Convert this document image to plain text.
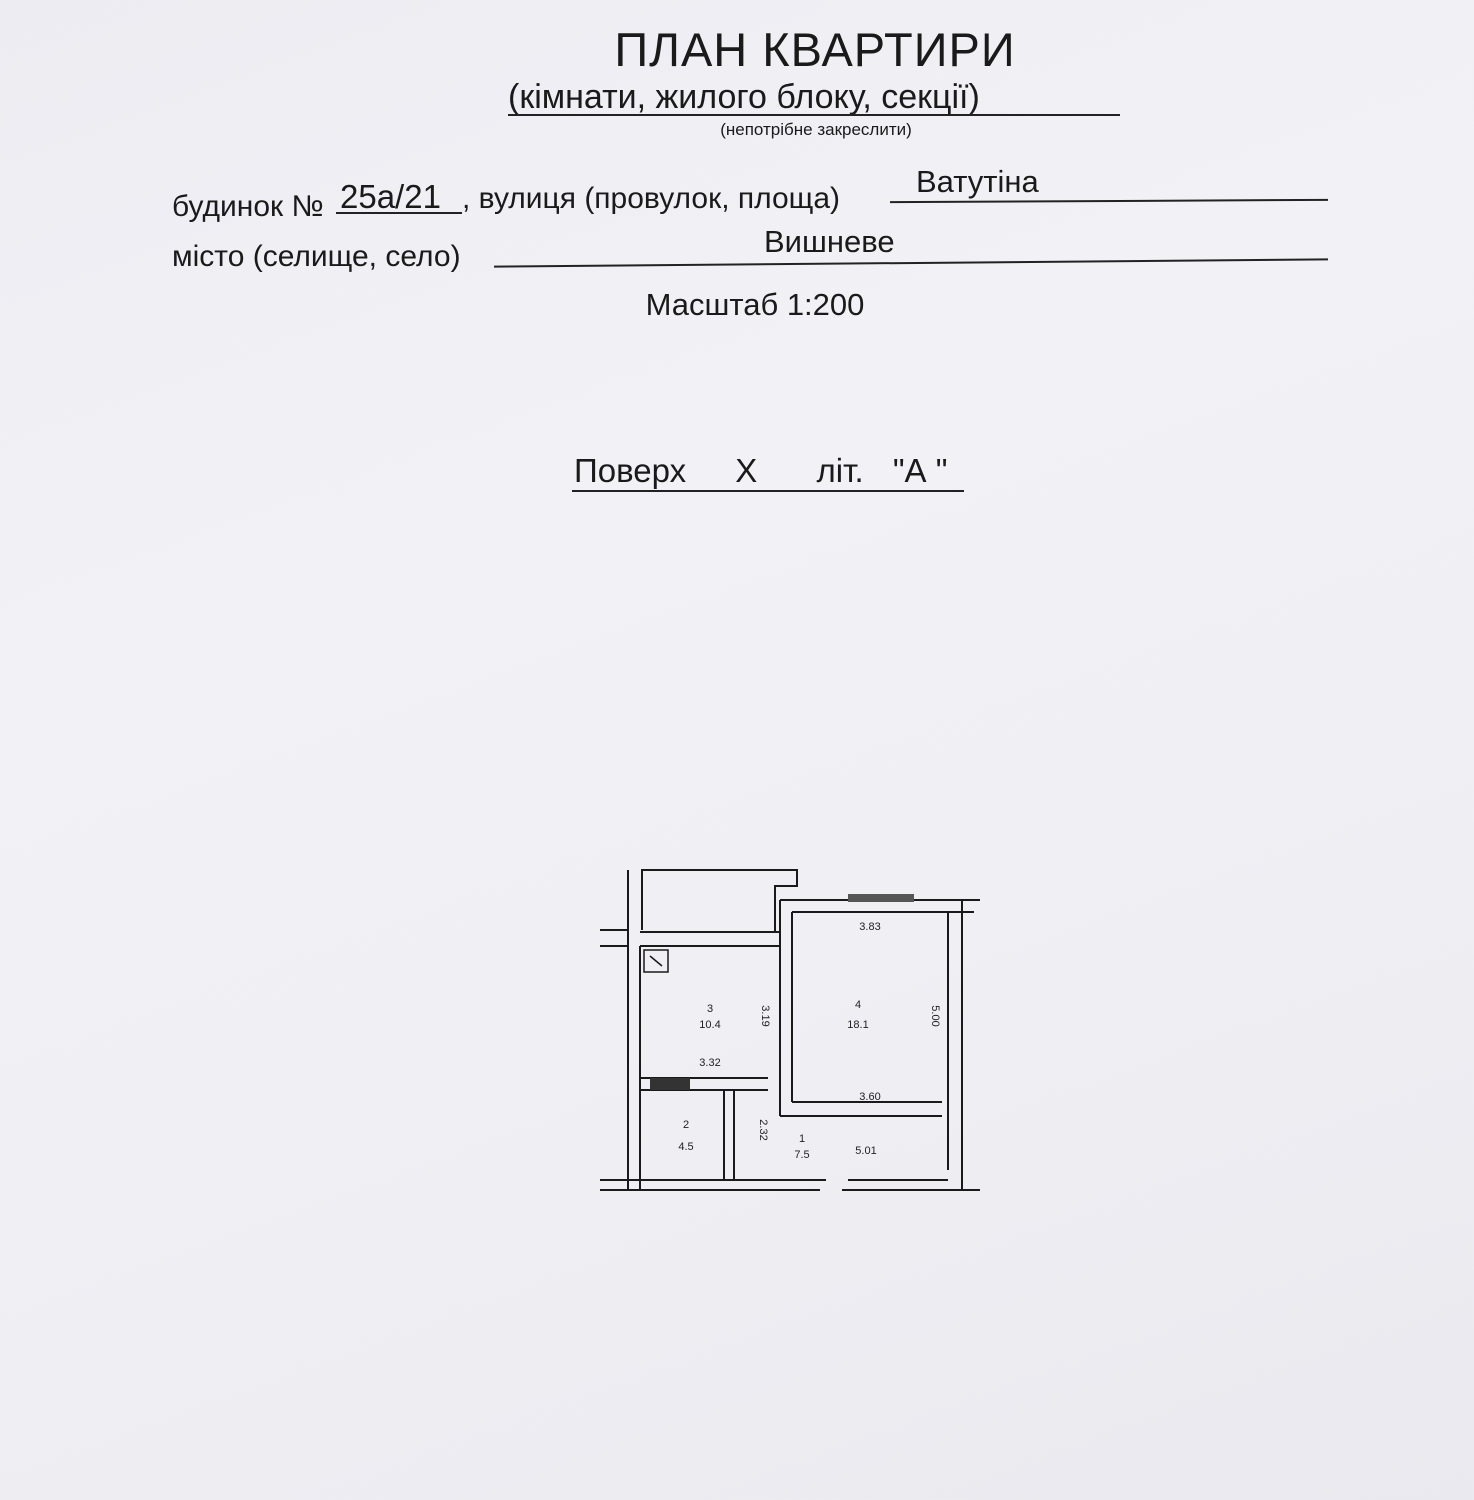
ПЛАН КВАРТИРИ
(кімнати, жилого блоку, секції)
(непотрібне закреслити)
будинок № 25а/21 , вулиця (провулок, площа) Ватутіна
місто (селище, село)	Вишневе
Масштаб 1:200
Поверх Х літ. "А "
3
10.4
4
18.1
2
4.5
1
7.5
3.83
5.00
3.60
3.19
3.32
2.32
5.01
